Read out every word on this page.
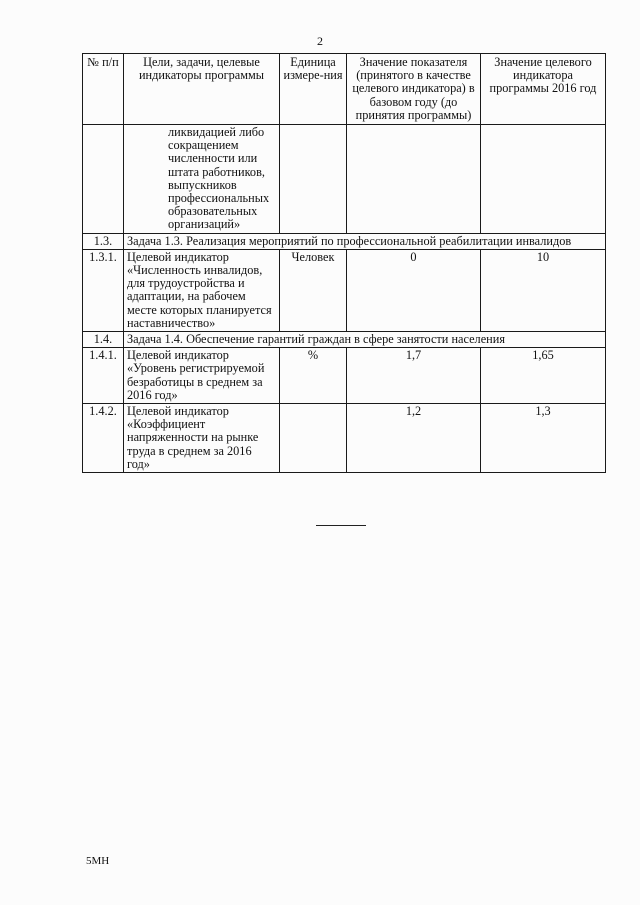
2

№ п/п	Цели, задачи, целевые индикаторы программы	Единица измере-ния	Значение показателя (принятого в качестве целевого индикатора) в базовом году (до принятия программы)	Значение целевого индикатора программы 2016 год
	ликвидацией либо сокращением численности или штата работников, выпускников профессиональных образовательных организаций»			
1.3.	Задача 1.3. Реализация мероприятий по профессиональной реабилитации инвалидов			
1.3.1.	Целевой индикатор «Численность инвалидов, для трудоустройства и адаптации, на рабочем месте которых планируется наставничество»	Человек	0	10
1.4.	Задача 1.4. Обеспечение гарантий граждан в сфере занятости населения			
1.4.1.	Целевой индикатор «Уровень регистрируемой безработицы в среднем за 2016 год»	%	1,7	1,65
1.4.2.	Целевой индикатор «Коэффициент напряженности на рынке труда в среднем за 2016 год»		1,2	1,3

5МН
